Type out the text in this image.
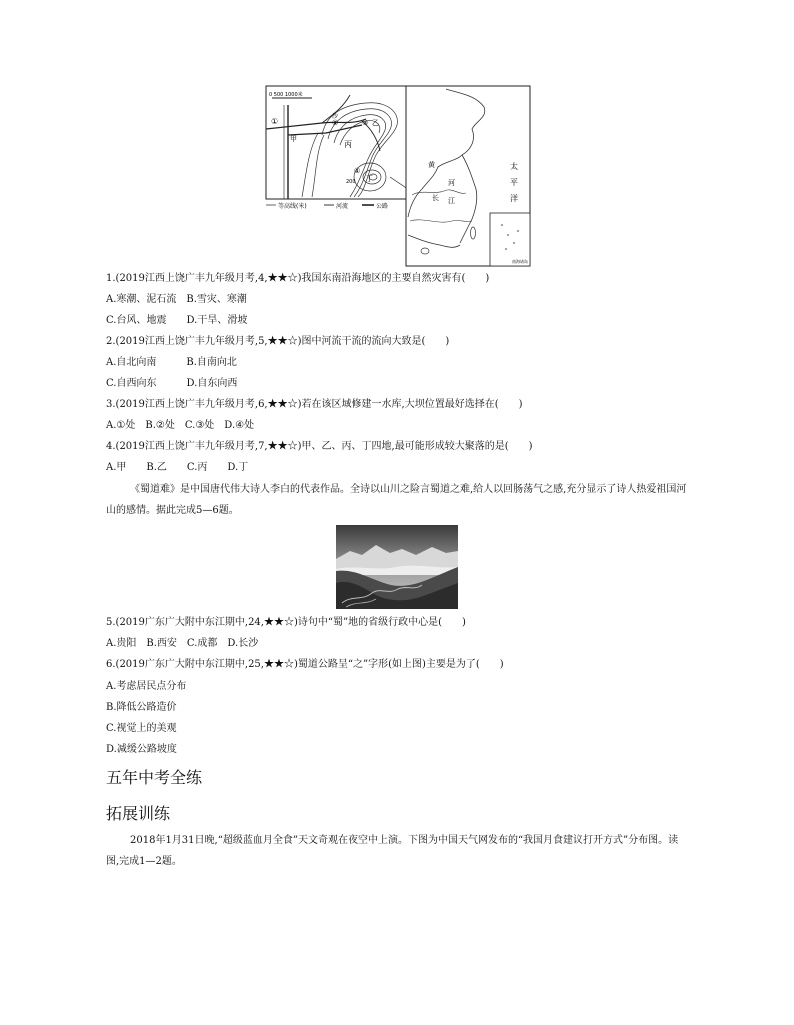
0 500 1000米
①	②	③
④
甲
乙
丙
丁
沙
200
等高线(米)	河流	公路
黄
河
长 江
太
平
洋
南海诸岛
1.(2019江西上饶广丰九年级月考,4,★★☆)我国东南沿海地区的主要自然灾害有(　　)
A.寒潮、泥石流　B.雪灾、寒潮
C.台风、地震　　D.干旱、滑坡
2.(2019江西上饶广丰九年级月考,5,★★☆)图中河流干流的流向大致是(　　)
A.自北向南　　　B.自南向北
C.自西向东　　　D.自东向西
3.(2019江西上饶广丰九年级月考,6,★★☆)若在该区域修建一水库,大坝位置最好选择在(　　)
A.①处　B.②处　C.③处　D.④处
4.(2019江西上饶广丰九年级月考,7,★★☆)甲、乙、丙、丁四地,最可能形成较大聚落的是(　　)
A.甲　　B.乙　　C.丙　　D.丁
《蜀道难》是中国唐代伟大诗人李白的代表作品。全诗以山川之险言蜀道之难,给人以回肠荡气之感,充分显示了诗人热爱祖国河山的感情。据此完成5—6题。
5.(2019广东广大附中东江期中,24,★★☆)诗句中“蜀”地的省级行政中心是(　　)
A.贵阳　B.西安　C.成都　D.长沙
6.(2019广东广大附中东江期中,25,★★☆)蜀道公路呈“之”字形(如上图)主要是为了(　　)
A.考虑居民点分布
B.降低公路造价
C.视觉上的美观
D.减缓公路坡度
五年中考全练
拓展训练
2018年1月31日晚,“超级蓝血月全食”天文奇观在夜空中上演。下图为中国天气网发布的“我国月食建议打开方式”分布图。读图,完成1—2题。
